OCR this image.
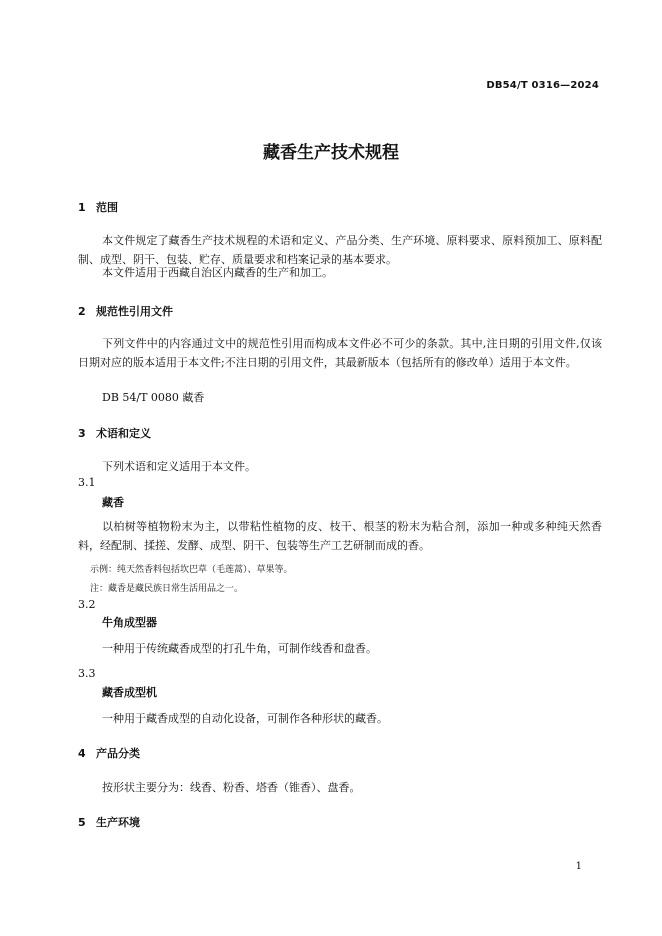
DB54/T 0316—2024
藏香生产技术规程
1 范围
本文件规定了藏香生产技术规程的术语和定义、产品分类、生产环境、原料要求、原料预加工、原料配制、成型、阴干、包装、贮存、质量要求和档案记录的基本要求。
本文件适用于西藏自治区内藏香的生产和加工。
2 规范性引用文件
下列文件中的内容通过文中的规范性引用而构成本文件必不可少的条款。其中,注日期的引用文件,仅该日期对应的版本适用于本文件;不注日期的引用文件，其最新版本（包括所有的修改单）适用于本文件。
DB 54/T 0080 藏香
3 术语和定义
下列术语和定义适用于本文件。
3.1
藏香
以柏树等植物粉末为主，以带粘性植物的皮、枝干、根茎的粉末为粘合剂，添加一种或多种纯天然香料，经配制、揉搓、发酵、成型、阴干、包装等生产工艺研制而成的香。
示例：纯天然香料包括坎巴草（毛莲蒿）、草果等。
注：藏香是藏民族日常生活用品之一。
3.2
牛角成型器
一种用于传统藏香成型的打孔牛角，可制作线香和盘香。
3.3
藏香成型机
一种用于藏香成型的自动化设备，可制作各种形状的藏香。
4 产品分类
按形状主要分为：线香、粉香、塔香（锥香）、盘香。
5 生产环境
1
